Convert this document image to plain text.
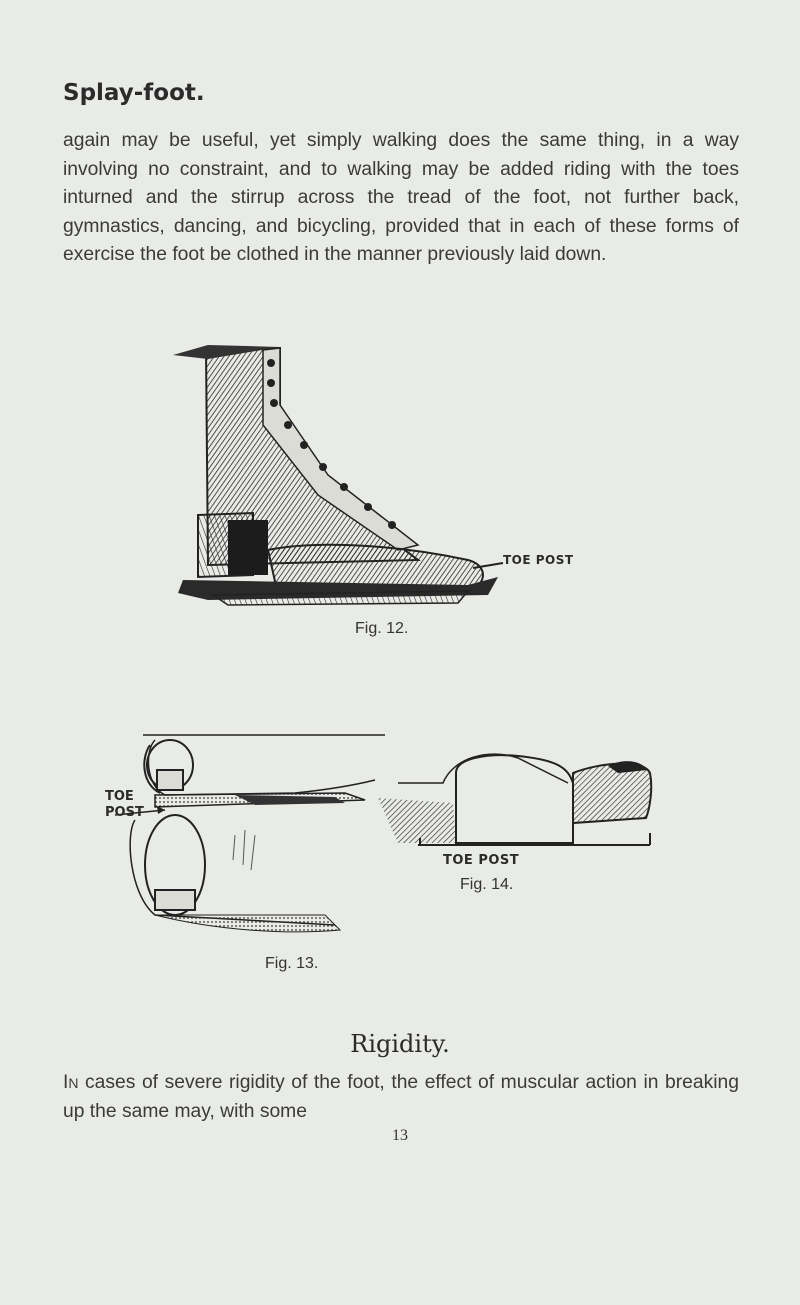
Splay-foot.
again may be useful, yet simply walking does the same thing, in a way involving no constraint, and to walking may be added riding with the toes inturned and the stirrup across the tread of the foot, not further back, gymnastics, dancing, and bicycling, provided that in each of these forms of exercise the foot be clothed in the manner previously laid down.
TOE POST
Fig. 12.
TOE
POST
Fig. 13.
TOE POST
Fig. 14.
Rigidity.
In cases of severe rigidity of the foot, the effect of muscular action in breaking up the same may, with some
13
